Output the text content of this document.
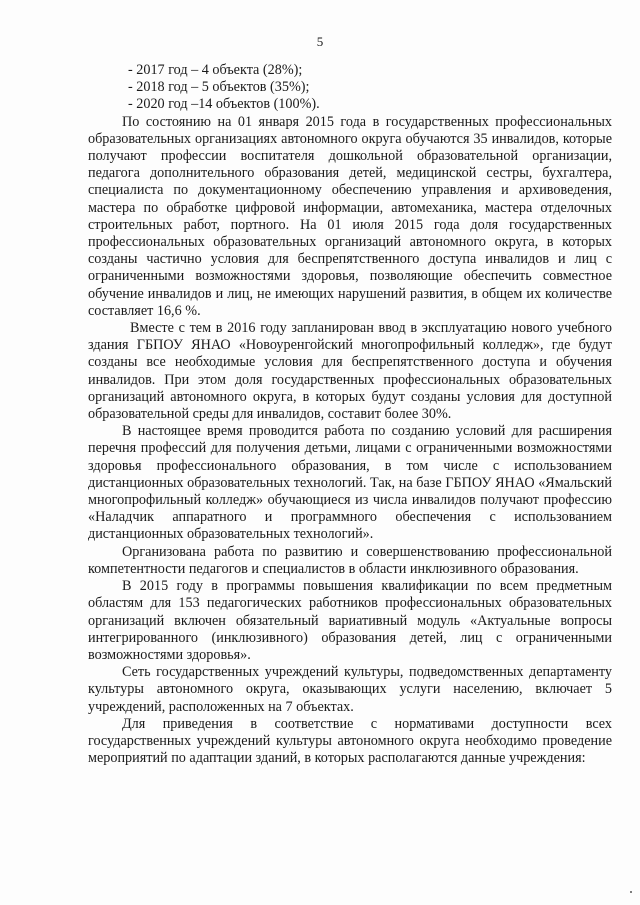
5

- 2017 год – 4 объекта (28%);

- 2018 год – 5 объектов (35%);

- 2020 год –14 объектов (100%).

По состоянию на 01 января 2015 года в государственных профессиональных образовательных организациях автономного округа обучаются 35 инвалидов, которые получают профессии воспитателя дошкольной образовательной организации, педагога дополнительного образования детей, медицинской сестры, бухгалтера, специалиста по документационному обеспечению управления и архивоведения, мастера по обработке цифровой информации, автомеханика, мастера отделочных строительных работ, портного. На 01 июля 2015 года доля государственных профессиональных образовательных организаций автономного округа, в которых созданы частично условия для беспрепятственного доступа инвалидов и лиц с ограниченными возможностями здоровья, позволяющие обеспечить совместное обучение инвалидов и лиц, не имеющих нарушений развития, в общем их количестве составляет 16,6 %.

Вместе с тем в 2016 году запланирован ввод в эксплуатацию нового учебного здания ГБПОУ ЯНАО «Новоуренгойский многопрофильный колледж», где будут созданы все необходимые условия для беспрепятственного доступа и обучения инвалидов. При этом доля государственных профессиональных образовательных организаций автономного округа, в которых будут созданы условия для доступной образовательной среды для инвалидов, составит более 30%.

В настоящее время проводится работа по созданию условий для расширения перечня профессий для получения детьми, лицами с ограниченными возможностями здоровья профессионального образования, в том числе с использованием дистанционных образовательных технологий. Так, на базе ГБПОУ ЯНАО «Ямальский многопрофильный колледж» обучающиеся из числа инвалидов получают профессию «Наладчик аппаратного и программного обеспечения с использованием дистанционных образовательных технологий».

Организована работа по развитию и совершенствованию профессиональной компетентности педагогов и специалистов в области инклюзивного образования.

В 2015 году в программы повышения квалификации по всем предметным областям для 153 педагогических работников профессиональных образовательных организаций включен обязательный вариативный модуль «Актуальные вопросы интегрированного (инклюзивного) образования детей, лиц с ограниченными возможностями здоровья».

Сеть государственных учреждений культуры, подведомственных департаменту культуры автономного округа, оказывающих услуги населению, включает 5 учреждений, расположенных на 7 объектах.

Для приведения в соответствие с нормативами доступности всех государственных учреждений культуры автономного округа необходимо проведение мероприятий по адаптации зданий, в которых располагаются данные учреждения:
